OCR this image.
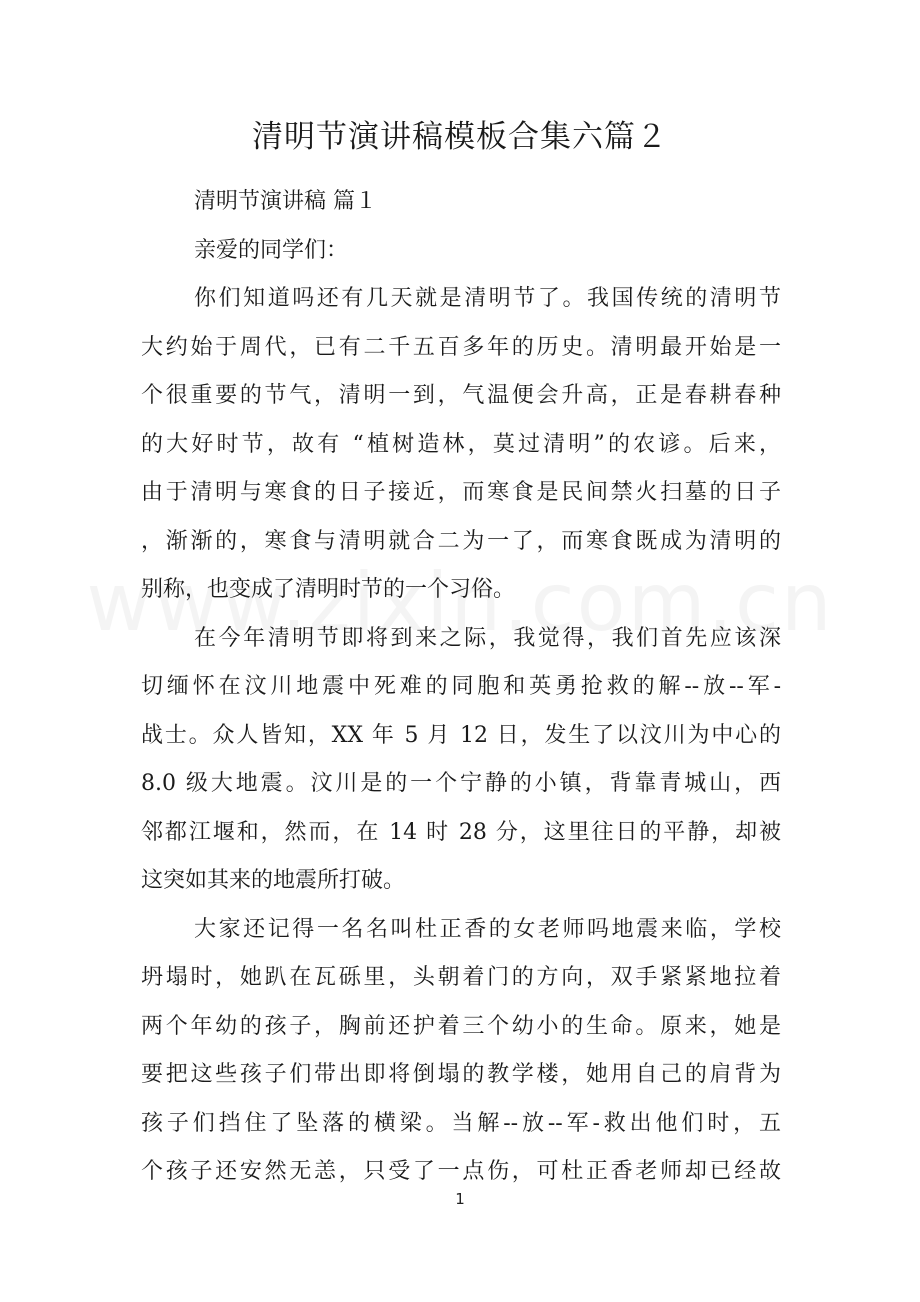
清明节演讲稿模板合集六篇２
清明节演讲稿 篇１
亲爱的同学们：
你们知道吗还有几天就是清明节了。我国传统的清明节
大约始于周代，已有二千五百多年的历史。清明最开始是一
个很重要的节气，清明一到，气温便会升高，正是春耕春种
的大好时节，故有 “植树造林，莫过清明”的农谚。后来，
由于清明与寒食的日子接近，而寒食是民间禁火扫墓的日子
，渐渐的，寒食与清明就合二为一了，而寒食既成为清明的
别称，也变成了清明时节的一个习俗。
在今年清明节即将到来之际，我觉得，我们首先应该深
切缅怀在汶川地震中死难的同胞和英勇抢救的解--放--军-
战士。众人皆知，XX 年 5 月 12 日，发生了以汶川为中心的
8.0 级大地震。汶川是的一个宁静的小镇，背靠青城山，西
邻都江堰和，然而，在 14 时 28 分，这里往日的平静，却被
这突如其来的地震所打破。
大家还记得一名名叫杜正香的女老师吗地震来临，学校
坍塌时，她趴在瓦砾里，头朝着门的方向，双手紧紧地拉着
两个年幼的孩子，胸前还护着三个幼小的生命。原来，她是
要把这些孩子们带出即将倒塌的教学楼，她用自己的肩背为
孩子们挡住了坠落的横梁。当解--放--军-救出他们时，五
个孩子还安然无恙，只受了一点伤，可杜正香老师却已经故
1
